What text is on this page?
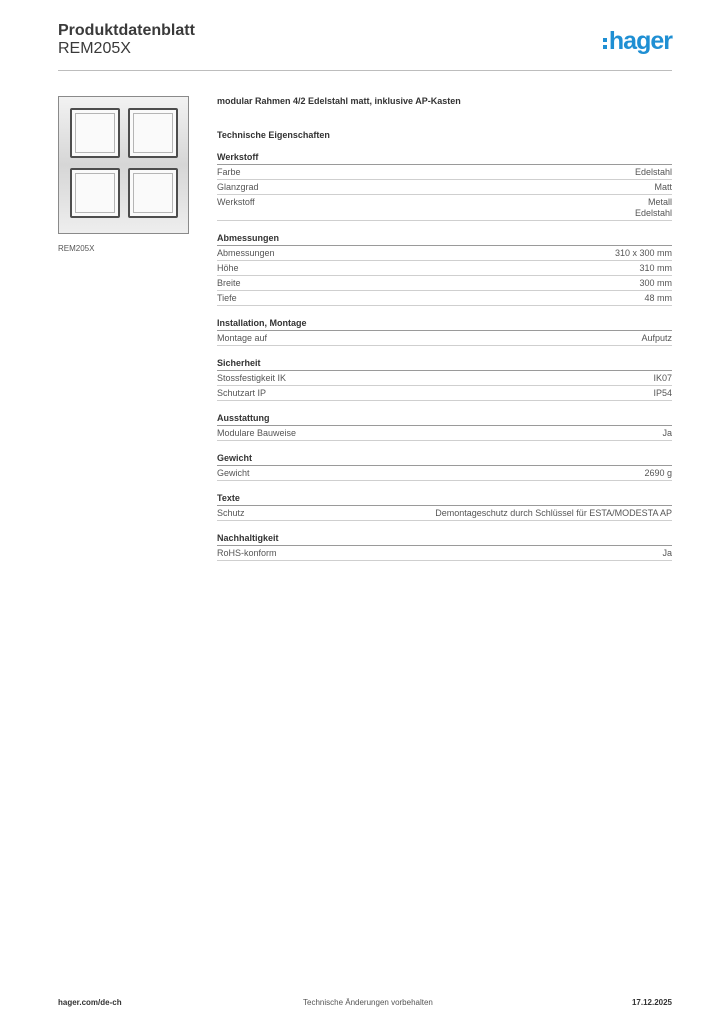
Produktdatenblatt
REM205X	hager
REM205X
modular Rahmen 4/2 Edelstahl matt, inklusive AP-Kasten
Technische Eigenschaften
Werkstoff
Farbe	Edelstahl
Glanzgrad	Matt
Werkstoff	Metall
Edelstahl
Abmessungen
Abmessungen	310 x 300 mm
Höhe	310 mm
Breite	300 mm
Tiefe	48 mm
Installation, Montage
Montage auf	Aufputz
Sicherheit
Stossfestigkeit IK	IK07
Schutzart IP	IP54
Ausstattung
Modulare Bauweise	Ja
Gewicht
Gewicht	2690 g
Texte
Schutz	Demontageschutz durch Schlüssel für ESTA/MODESTA AP
Nachhaltigkeit
RoHS-konform	Ja
hager.com/de-ch	Technische Änderungen vorbehalten	17.12.2025
